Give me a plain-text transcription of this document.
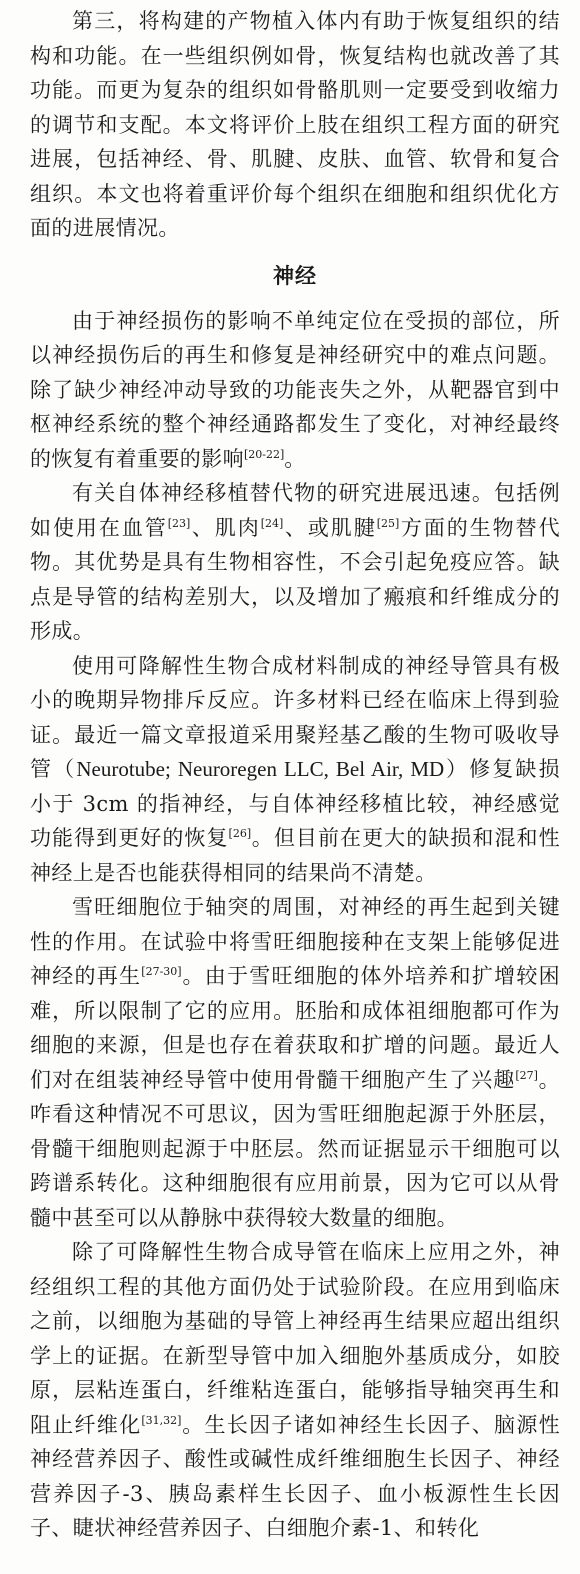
第三，将构建的产物植入体内有助于恢复组织的结构和功能。在一些组织例如骨，恢复结构也就改善了其功能。而更为复杂的组织如骨骼肌则一定要受到收缩力的调节和支配。本文将评价上肢在组织工程方面的研究进展，包括神经、骨、肌腱、皮肤、血管、软骨和复合组织。本文也将着重评价每个组织在细胞和组织优化方面的进展情况。

神经

由于神经损伤的影响不单纯定位在受损的部位，所以神经损伤后的再生和修复是神经研究中的难点问题。除了缺少神经冲动导致的功能丧失之外，从靶器官到中枢神经系统的整个神经通路都发生了变化，对神经最终的恢复有着重要的影响[20-22]。

有关自体神经移植替代物的研究进展迅速。包括例如使用在血管[23]、肌肉[24]、或肌腱[25]方面的生物替代物。其优势是具有生物相容性，不会引起免疫应答。缺点是导管的结构差别大，以及增加了瘢痕和纤维成分的形成。

使用可降解性生物合成材料制成的神经导管具有极小的晚期异物排斥反应。许多材料已经在临床上得到验证。最近一篇文章报道采用聚羟基乙酸的生物可吸收导管（Neurotube; Neuroregen LLC, Bel Air, MD）修复缺损小于 3cm 的指神经，与自体神经移植比较，神经感觉功能得到更好的恢复[26]。但目前在更大的缺损和混和性神经上是否也能获得相同的结果尚不清楚。

雪旺细胞位于轴突的周围，对神经的再生起到关键性的作用。在试验中将雪旺细胞接种在支架上能够促进神经的再生[27-30]。由于雪旺细胞的体外培养和扩增较困难，所以限制了它的应用。胚胎和成体祖细胞都可作为细胞的来源，但是也存在着获取和扩增的问题。最近人们对在组装神经导管中使用骨髓干细胞产生了兴趣[27]。咋看这种情况不可思议，因为雪旺细胞起源于外胚层，骨髓干细胞则起源于中胚层。然而证据显示干细胞可以跨谱系转化。这种细胞很有应用前景，因为它可以从骨髓中甚至可以从静脉中获得较大数量的细胞。

除了可降解性生物合成导管在临床上应用之外，神经组织工程的其他方面仍处于试验阶段。在应用到临床之前，以细胞为基础的导管上神经再生结果应超出组织学上的证据。在新型导管中加入细胞外基质成分，如胶原，层粘连蛋白，纤维粘连蛋白，能够指导轴突再生和阻止纤维化[31,32]。生长因子诸如神经生长因子、脑源性神经营养因子、酸性或碱性成纤维细胞生长因子、神经营养因子-3、胰岛素样生长因子、血小板源性生长因子、睫状神经营养因子、白细胞介素-1、和转化
